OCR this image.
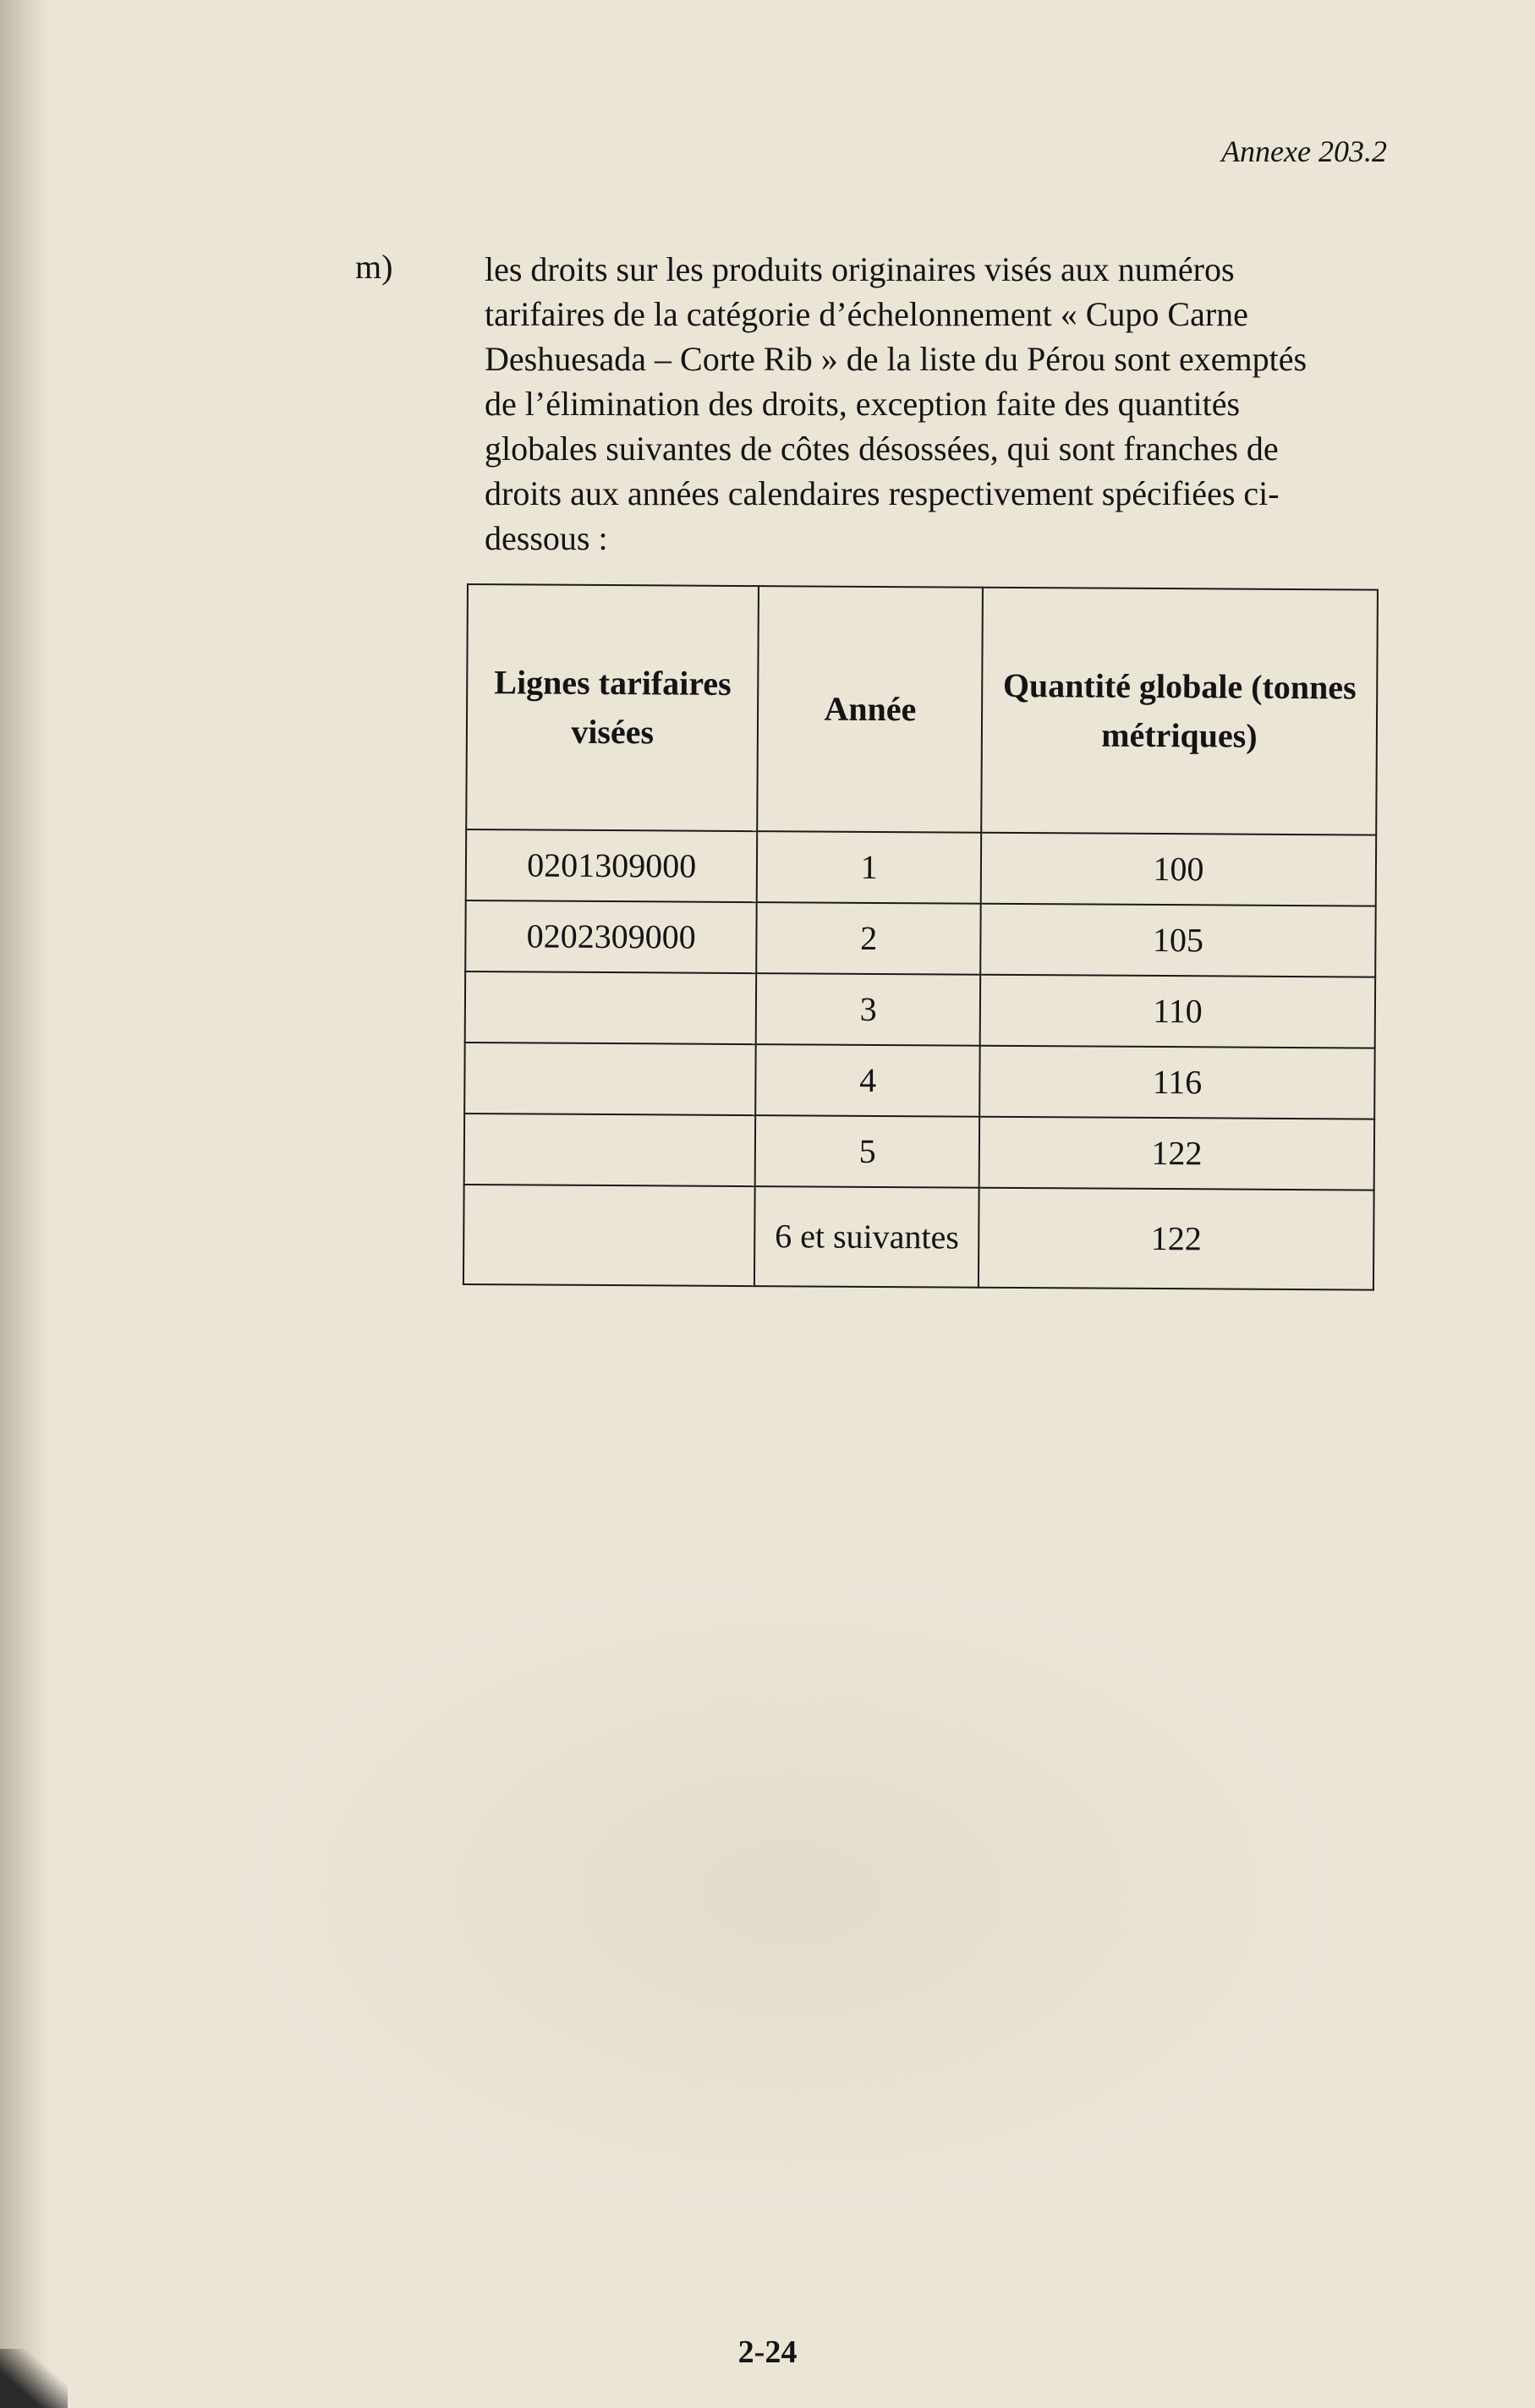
Annexe 203.2
m)	les droits sur les produits originaires visés aux numéros tarifaires de la catégorie d’échelonnement « Cupo Carne Deshuesada – Corte Rib » de la liste du Pérou sont exemptés de l’élimination des droits, exception faite des quantités globales suivantes de côtes désossées, qui sont franches de droits aux années calendaires respectivement spécifiées ci-dessous :

Lignes tarifaires visées	Année	Quantité globale (tonnes métriques)
0201309000	1	100
0202309000	2	105
	3	110
	4	116
	5	122
	6 et suivantes	122
2-24
